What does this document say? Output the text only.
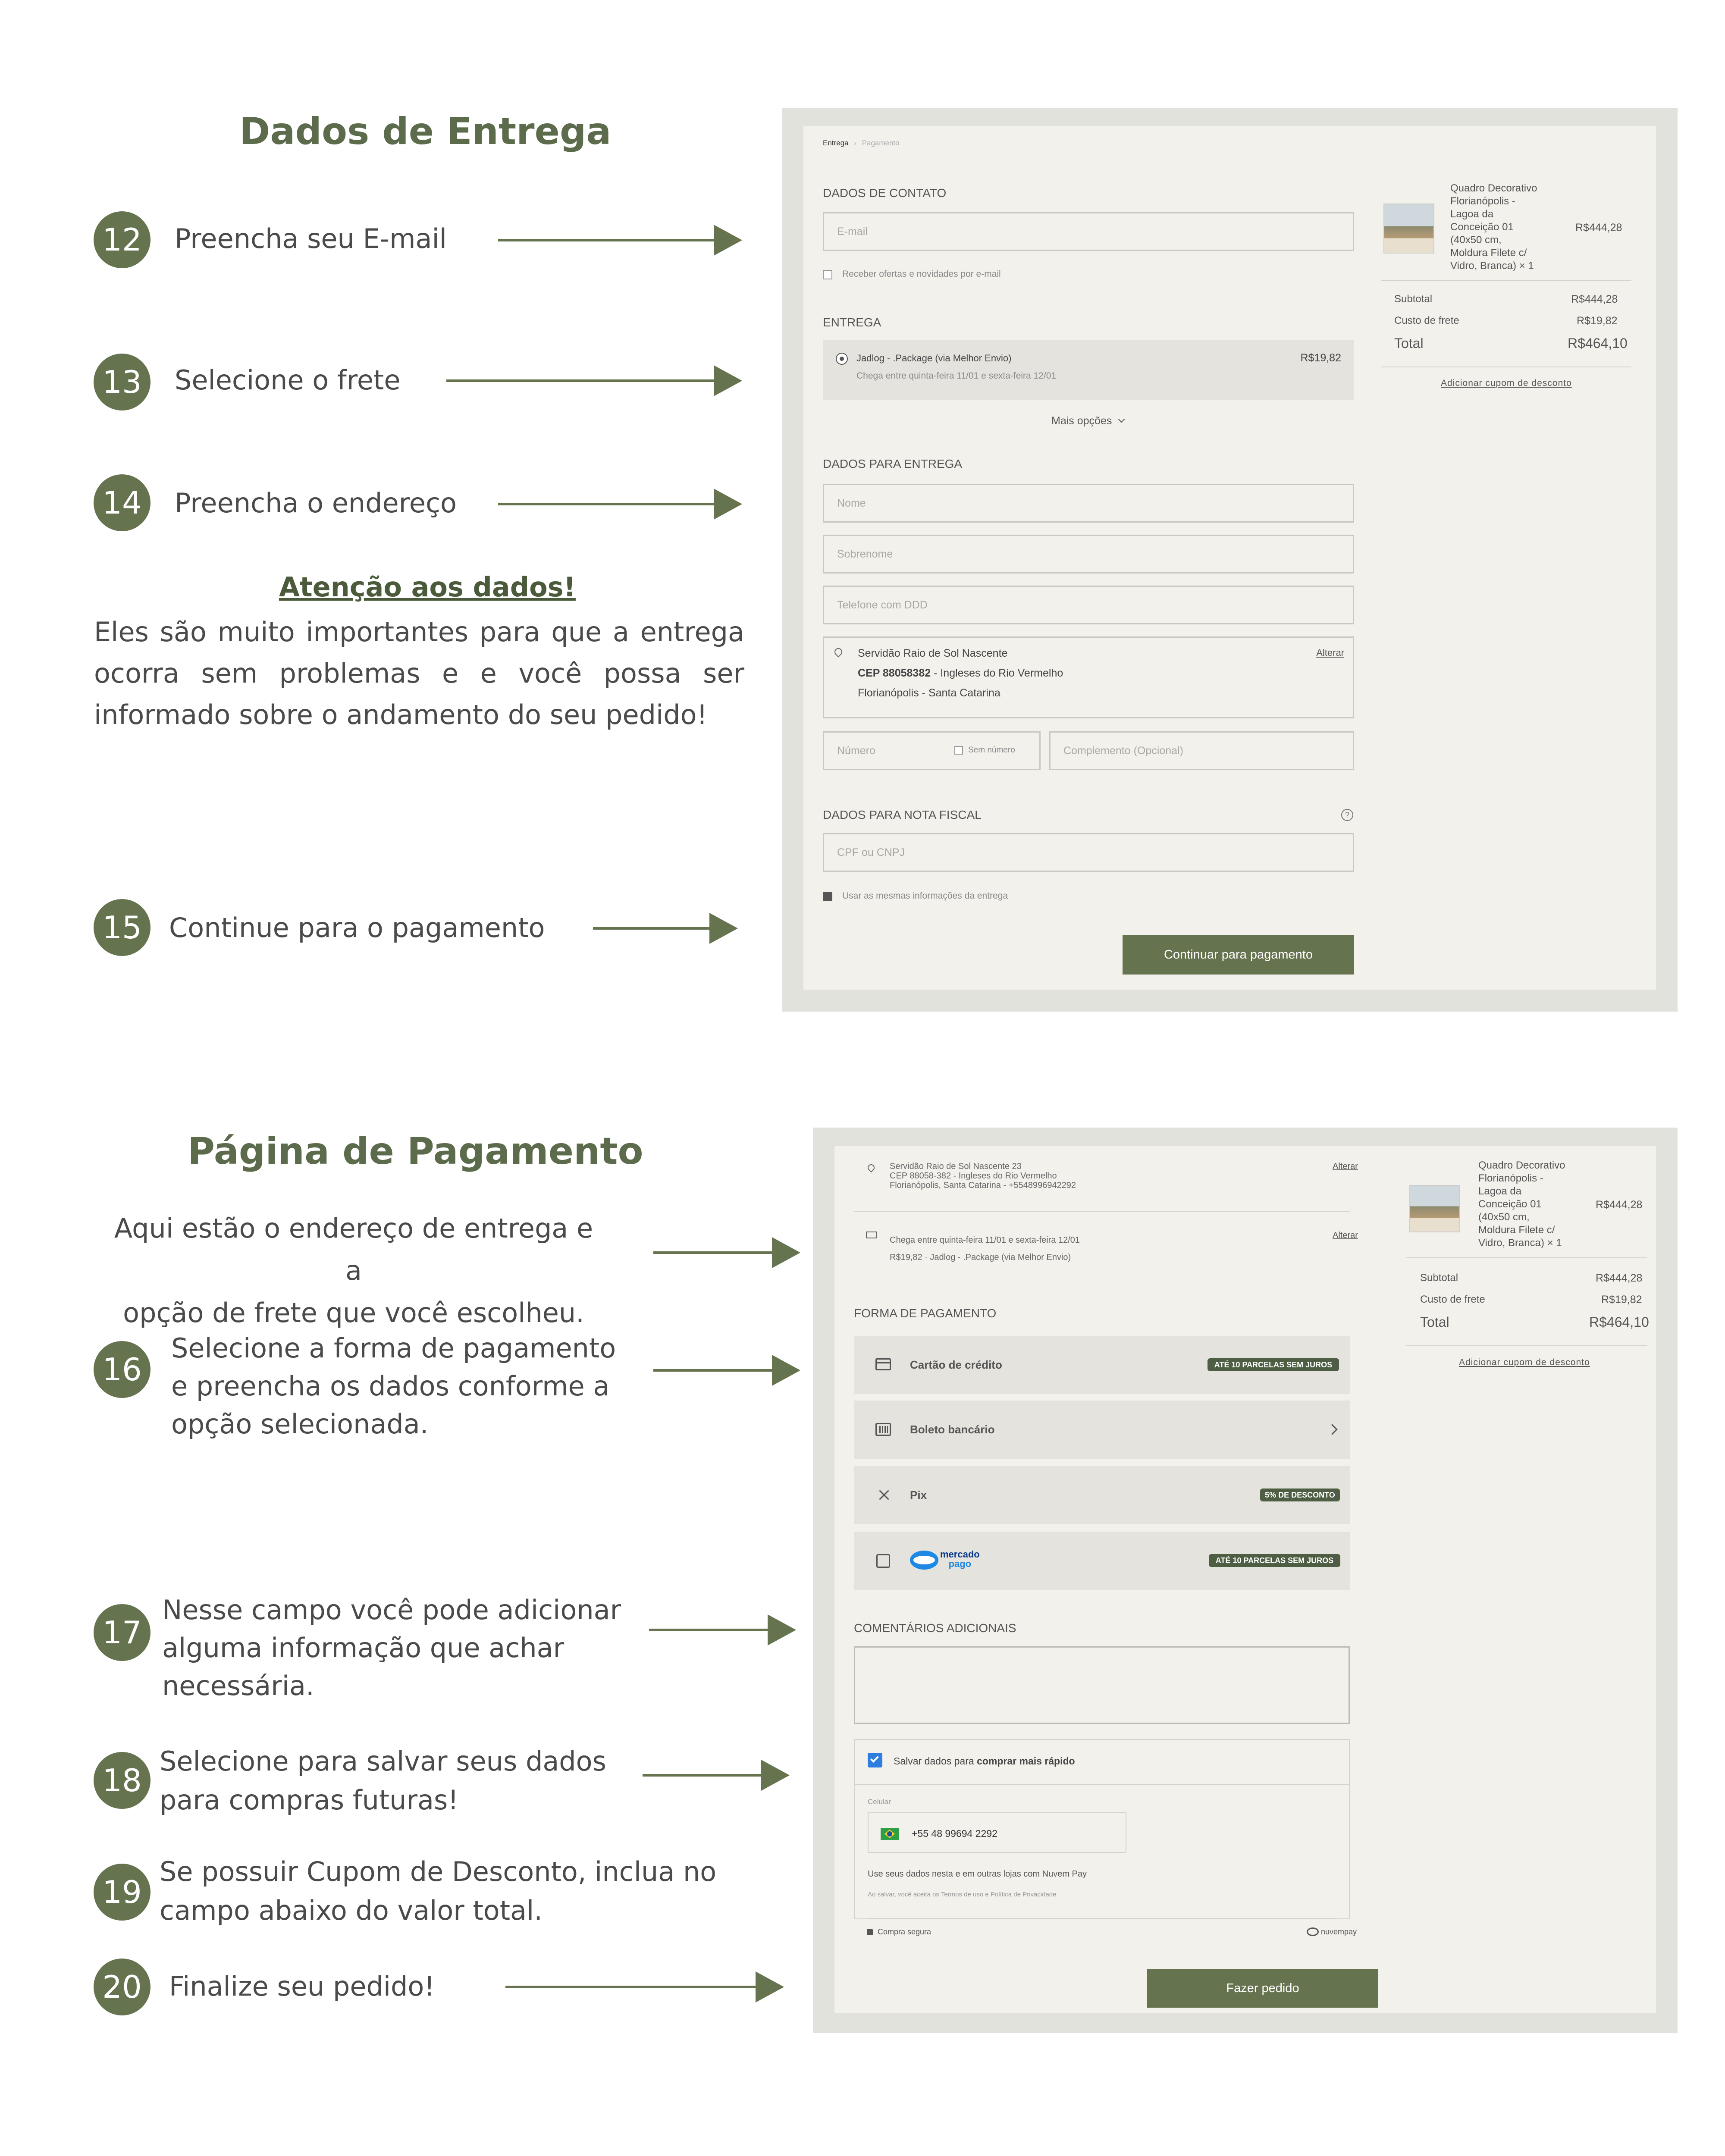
Dados de Entrega
12	Preencha seu E-mail
13	Selecione o frete
14	Preencha o endereço
Atenção aos dados!
Eles são muito importantes para que a entrega ocorra sem problemas e e você possa ser informado sobre o andamento do seu pedido!
15	Continue para o pagamento
Entrega › Pagamento
DADOS DE CONTATO
E-mail
Receber ofertas e novidades por e-mail
ENTREGA
Jadlog - .Package (via Melhor Envio)	R$19,82
Chega entre quinta-feira 11/01 e sexta-feira 12/01
Mais opções
DADOS PARA ENTREGA
Nome
Sobrenome
Telefone com DDD
Servidão Raio de Sol Nascente
CEP 88058382 - Ingleses do Rio Vermelho
Florianópolis - Santa Catarina
Alterar
Número	Sem número	Complemento (Opcional)
DADOS PARA NOTA FISCAL	?
CPF ou CNPJ
Usar as mesmas informações da entrega
Continuar para pagamento
Quadro Decorativo
Florianópolis -
Lagoa da
Conceição 01
(40x50 cm,
Moldura Filete c/
Vidro, Branca) × 1
R$444,28
Subtotal	R$444,28
Custo de frete	R$19,82
Total	R$464,10
Adicionar cupom de desconto
Página de Pagamento
Aqui estão o endereço de entrega e a
opção de frete que você escolheu.
16
Selecione a forma de pagamento
e preencha os dados conforme a
opção selecionada.
17
Nesse campo você pode adicionar
alguma informação que achar
necessária.
18
Selecione para salvar seus dados
para compras futuras!
19
Se possuir Cupom de Desconto, inclua no
campo abaixo do valor total.
20	Finalize seu pedido!
Servidão Raio de Sol Nascente 23
CEP 88058-382 - Ingleses do Rio Vermelho
Florianópolis, Santa Catarina - +5548996942292
Alterar
Chega entre quinta-feira 11/01 e sexta-feira 12/01
R$19,82 · Jadlog - .Package (via Melhor Envio)
Alterar
FORMA DE PAGAMENTO
Cartão de crédito	ATÉ 10 PARCELAS SEM JUROS
Boleto bancário
Pix	5% DE DESCONTO
mercado
pago	ATÉ 10 PARCELAS SEM JUROS
COMENTÁRIOS ADICIONAIS
Salvar dados para comprar mais rápido
Celular
+55 48 99694 2292
Use seus dados nesta e em outras lojas com Nuvem Pay
Ao salvar, você aceita os Termos de uso e Política de Privacidade
Compra segura	nuvempay
Fazer pedido
Quadro Decorativo
Florianópolis -
Lagoa da
Conceição 01
(40x50 cm,
Moldura Filete c/
Vidro, Branca) × 1
R$444,28
Subtotal	R$444,28
Custo de frete	R$19,82
Total	R$464,10
Adicionar cupom de desconto
